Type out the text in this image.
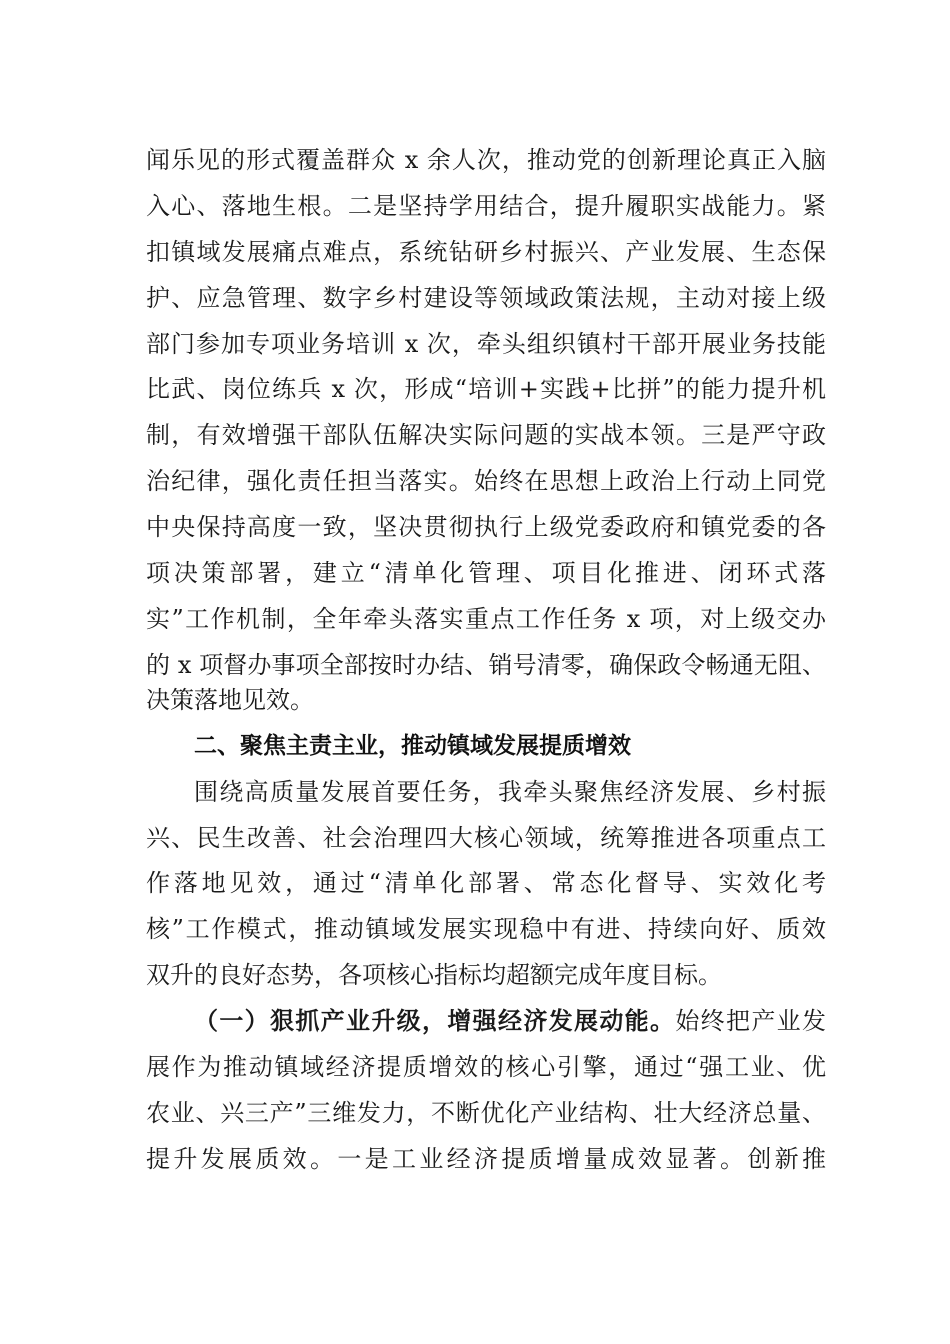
闻乐见的形式覆盖群众 x 余人次，推动党的创新理论真正入脑
入心、落地生根。二是坚持学用结合，提升履职实战能力。紧
扣镇域发展痛点难点，系统钻研乡村振兴、产业发展、生态保
护、应急管理、数字乡村建设等领域政策法规，主动对接上级
部门参加专项业务培训 x 次，牵头组织镇村干部开展业务技能
比武、岗位练兵 x 次，形成“培训+实践+比拼”的能力提升机
制，有效增强干部队伍解决实际问题的实战本领。三是严守政
治纪律，强化责任担当落实。始终在思想上政治上行动上同党
中央保持高度一致，坚决贯彻执行上级党委政府和镇党委的各
项决策部署，建立“清单化管理、项目化推进、闭环式落
实”工作机制，全年牵头落实重点工作任务 x 项，对上级交办
的 x 项督办事项全部按时办结、销号清零，确保政令畅通无阻、
决策落地见效。
二、聚焦主责主业，推动镇域发展提质增效
围绕高质量发展首要任务，我牵头聚焦经济发展、乡村振
兴、民生改善、社会治理四大核心领域，统筹推进各项重点工
作落地见效，通过“清单化部署、常态化督导、实效化考
核”工作模式，推动镇域发展实现稳中有进、持续向好、质效
双升的良好态势，各项核心指标均超额完成年度目标。
（一）狠抓产业升级，增强经济发展动能。始终把产业发
展作为推动镇域经济提质增效的核心引擎，通过“强工业、优
农业、兴三产”三维发力，不断优化产业结构、壮大经济总量、
提升发展质效。一是工业经济提质增量成效显著。创新推
